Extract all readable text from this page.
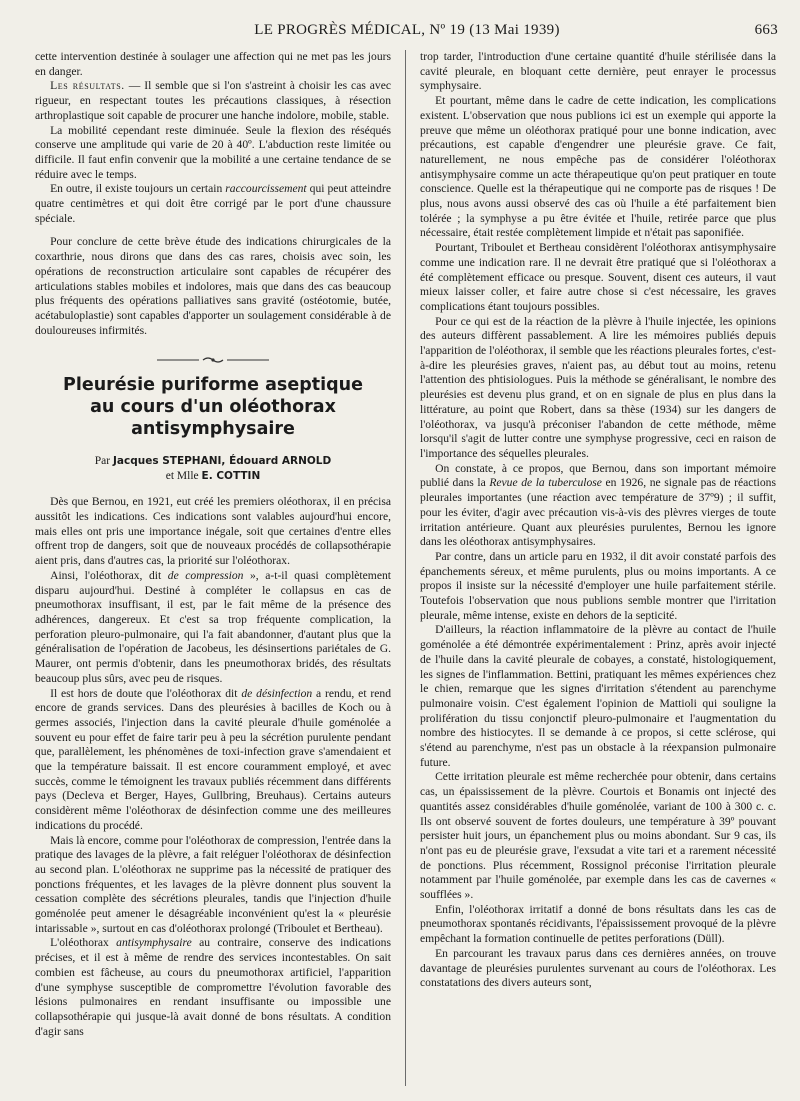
LE PROGRÈS MÉDICAL, Nº 19 (13 Mai 1939)	663

cette intervention destinée à soulager une affection qui ne met pas les jours en danger.

Les résultats. — Il semble que si l'on s'astreint à choisir les cas avec rigueur, en respectant toutes les précautions classiques, à résection arthroplastique soit capable de procurer une hanche indolore, mobile, stable.

La mobilité cependant reste diminuée. Seule la flexion des réséqués conserve une amplitude qui varie de 20 à 40º. L'abduction reste limitée ou difficile. Il faut enfin convenir que la mobilité a une certaine tendance de se réduire avec le temps.

En outre, il existe toujours un certain raccourcissement qui peut atteindre quatre centimètres et qui doit être corrigé par le port d'une chaussure spéciale.

Pour conclure de cette brève étude des indications chirurgicales de la coxarthrie, nous dirons que dans des cas rares, choisis avec soin, les opérations de reconstruction articulaire sont capables de récupérer des articulations stables mobiles et indolores, mais que dans des cas beaucoup plus fréquents des opérations palliatives sans gravité (ostéotomie, butée, acétabuloplastie) sont capables d'apporter un soulagement considérable à de douloureuses infirmités.

Pleurésie puriforme aseptique
au cours d'un oléothorax antisymphysaire
Par Jacques STEPHANI, Édouard ARNOLD
et Mlle E. COTTIN

Dès que Bernou, en 1921, eut créé les premiers oléothorax, il en précisa aussitôt les indications. Ces indications sont valables aujourd'hui encore, mais elles ont pris une importance inégale, soit que certaines d'entre elles offrent trop de dangers, soit que de nouveaux procédés de collapsothérapie aient pris, dans d'autres cas, la priorité sur l'oléothorax.

Ainsi, l'oléothorax, dit de compression », a-t-il quasi complètement disparu aujourd'hui. Destiné à compléter le collapsus en cas de pneumothorax insuffisant, il est, par le fait même de la présence des adhérences, dangereux. Et c'est sa trop fréquente complication, la perforation pleuro-pulmonaire, qui l'a fait abandonner, d'autant plus que la généralisation de l'opération de Jacobeus, les désinsertions pariétales de G. Maurer, ont permis d'obtenir, dans les pneumothorax bridés, des résultats beaucoup plus sûrs, avec peu de risques.

Il est hors de doute que l'oléothorax dit de désinfection a rendu, et rend encore de grands services. Dans des pleurésies à bacilles de Koch ou à germes associés, l'injection dans la cavité pleurale d'huile goménolée a souvent eu pour effet de faire tarir peu à peu la sécrétion purulente pendant que, parallèlement, les phénomènes de toxi-infection grave s'amendaient et que la température baissait. Il est encore couramment employé, et avec succès, comme le témoignent les travaux publiés récemment dans différents pays (Decleva et Berger, Hayes, Gullbring, Breuhaus). Certains auteurs considèrent même l'oléothorax de désinfection comme une des meilleures indications du procédé.

Mais là encore, comme pour l'oléothorax de compression, l'entrée dans la pratique des lavages de la plèvre, a fait reléguer l'oléothorax de désinfection au second plan. L'oléothorax ne supprime pas la nécessité de pratiquer des ponctions fréquentes, et les lavages de la plèvre donnent plus souvent la cessation complète des sécrétions pleurales, tandis que l'injection d'huile goménolée peut amener le désagréable inconvénient qu'est la « pleurésie intarissable », surtout en cas d'oléothorax prolongé (Triboulet et Bertheau).

L'oléothorax antisymphysaire au contraire, conserve des indications précises, et il est à même de rendre des services incontestables. On sait combien est fâcheuse, au cours du pneumothorax artificiel, l'apparition d'une symphyse susceptible de compromettre l'évolution favorable des lésions pulmonaires en rendant insuffisante ou impossible une collapsothérapie qui jusque-là avait donné de bons résultats. A condition d'agir sans

trop tarder, l'introduction d'une certaine quantité d'huile stérilisée dans la cavité pleurale, en bloquant cette dernière, peut enrayer le processus symphysaire.

Et pourtant, même dans le cadre de cette indication, les complications existent. L'observation que nous publions ici est un exemple qui apporte la preuve que même un oléothorax pratiqué pour une bonne indication, avec précautions, est capable d'engendrer une pleurésie grave. Ce fait, naturellement, ne nous empêche pas de considérer l'oléothorax antisymphysaire comme un acte thérapeutique qu'on peut pratiquer en toute conscience. Quelle est la thérapeutique qui ne comporte pas de risques ! De plus, nous avons aussi observé des cas où l'huile a été parfaitement bien tolérée ; la symphyse a pu être évitée et l'huile, retirée parce que plus nécessaire, était restée complètement limpide et n'était pas saponifiée.

Pourtant, Triboulet et Bertheau considèrent l'oléothorax antisymphysaire comme une indication rare. Il ne devrait être pratiqué que si l'oléothorax a été complètement efficace ou presque. Souvent, disent ces auteurs, il vaut mieux laisser coller, et faire autre chose si c'est nécessaire, les graves complications étant toujours possibles.

Pour ce qui est de la réaction de la plèvre à l'huile injectée, les opinions des auteurs diffèrent passablement. A lire les mémoires publiés depuis l'apparition de l'oléothorax, il semble que les réactions pleurales fortes, c'est-à-dire les pleurésies graves, n'aient pas, au début tout au moins, retenu l'attention des phtisiologues. Puis la méthode se généralisant, le nombre des pleurésies est devenu plus grand, et on en signale de plus en plus dans la littérature, au point que Robert, dans sa thèse (1934) sur les dangers de l'oléothorax, va jusqu'à préconiser l'abandon de cette méthode, même lorsqu'il s'agit de lutter contre une symphyse progressive, ceci en raison de l'importance des séquelles pleurales.

On constate, à ce propos, que Bernou, dans son important mémoire publié dans la Revue de la tuberculose en 1926, ne signale pas de réactions pleurales importantes (une réaction avec température de 37º9) ; il suffit, pour les éviter, d'agir avec précaution vis-à-vis des plèvres vierges de toute irritation antérieure. Quant aux pleurésies purulentes, Bernou les ignore dans les oléothorax antisymphysaires.

Par contre, dans un article paru en 1932, il dit avoir constaté parfois des épanchements séreux, et même purulents, plus ou moins importants. A ce propos il insiste sur la nécessité d'employer une huile parfaitement stérile. Toutefois l'observation que nous publions semble montrer que l'irritation pleurale, même intense, existe en dehors de la septicité.

D'ailleurs, la réaction inflammatoire de la plèvre au contact de l'huile goménolée a été démontrée expérimentalement : Prinz, après avoir injecté de l'huile dans la cavité pleurale de cobayes, a constaté, histologiquement, les signes de l'inflammation. Bettini, pratiquant les mêmes expériences chez le chien, remarque que les signes d'irritation s'étendent au parenchyme pulmonaire voisin. C'est également l'opinion de Mattioli qui souligne la prolifération du tissu conjonctif pleuro-pulmonaire et l'augmentation du nombre des histiocytes. Il se demande à ce propos, si cette sclérose, qui s'étend au parenchyme, n'est pas un obstacle à la réexpansion pulmonaire future.

Cette irritation pleurale est même recherchée pour obtenir, dans certains cas, un épaississement de la plèvre. Courtois et Bonamis ont injecté des quantités assez considérables d'huile goménolée, variant de 100 à 300 c. c. Ils ont observé souvent de fortes douleurs, une température à 39º pouvant persister huit jours, un épanchement plus ou moins abondant. Sur 9 cas, ils n'ont pas eu de pleurésie grave, l'exsudat a vite tari et a rarement nécessité de ponctions. Plus récemment, Rossignol préconise l'irritation pleurale notamment par l'huile goménolée, par exemple dans les cas de cavernes « soufflées ».

Enfin, l'oléothorax irritatif a donné de bons résultats dans les cas de pneumothorax spontanés récidivants, l'épaississement provoqué de la plèvre empêchant la formation continuelle de petites perforations (Düll).

En parcourant les travaux parus dans ces dernières années, on trouve davantage de pleurésies purulentes survenant au cours de l'oléothorax. Les constatations des divers auteurs sont,
